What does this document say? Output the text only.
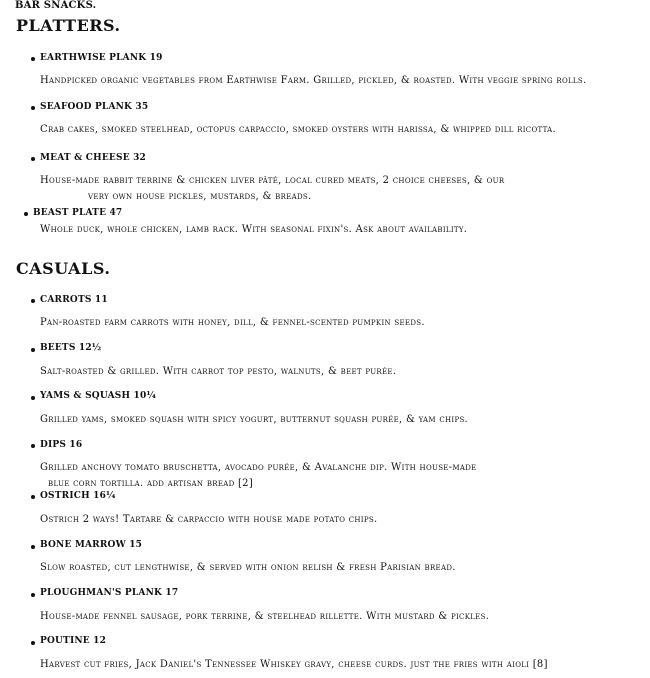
BAR SNACKS.
PLATTERS.
EARTHWISE PLANK 19
Handpicked organic vegetables from Earthwise Farm. Grilled, pickled, & roasted. With veggie spring rolls.
SEAFOOD PLANK 35
Crab cakes, smoked steelhead, octopus carpaccio, smoked oysters with harissa, & whipped dill ricotta.
MEAT & CHEESE 32
House-made rabbit terrine & chicken liver pâté, local cured meats, 2 choice cheeses, & our
very own house pickles, mustards, & breads.
BEAST PLATE 47
Whole duck, whole chicken, lamb rack. With seasonal fixin's. Ask about availability.
CASUALS.
CARROTS 11
Pan-roasted farm carrots with honey, dill, & fennel-scented pumpkin seeds.
BEETS 12½
Salt-roasted & grilled. With carrot top pesto, walnuts, & beet purée.
YAMS & SQUASH 10¼
Grilled yams, smoked squash with spicy yogurt, butternut squash purée, & yam chips.
DIPS 16
Grilled anchovy tomato bruschetta, avocado purée, & Avalanche dip. With house-made
blue corn tortilla. add artisan bread [2]
OSTRICH 16¼
Ostrich 2 ways! Tartare & carpaccio with house made potato chips.
BONE MARROW 15
Slow roasted, cut lengthwise, & served with onion relish & fresh Parisian bread.
PLOUGHMAN'S PLANK 17
House-made fennel sausage, pork terrine, & steelhead rillette. With mustard & pickles.
POUTINE 12
Harvest cut fries, Jack Daniel's Tennessee Whiskey gravy, cheese curds. just the fries with aioli [8]
